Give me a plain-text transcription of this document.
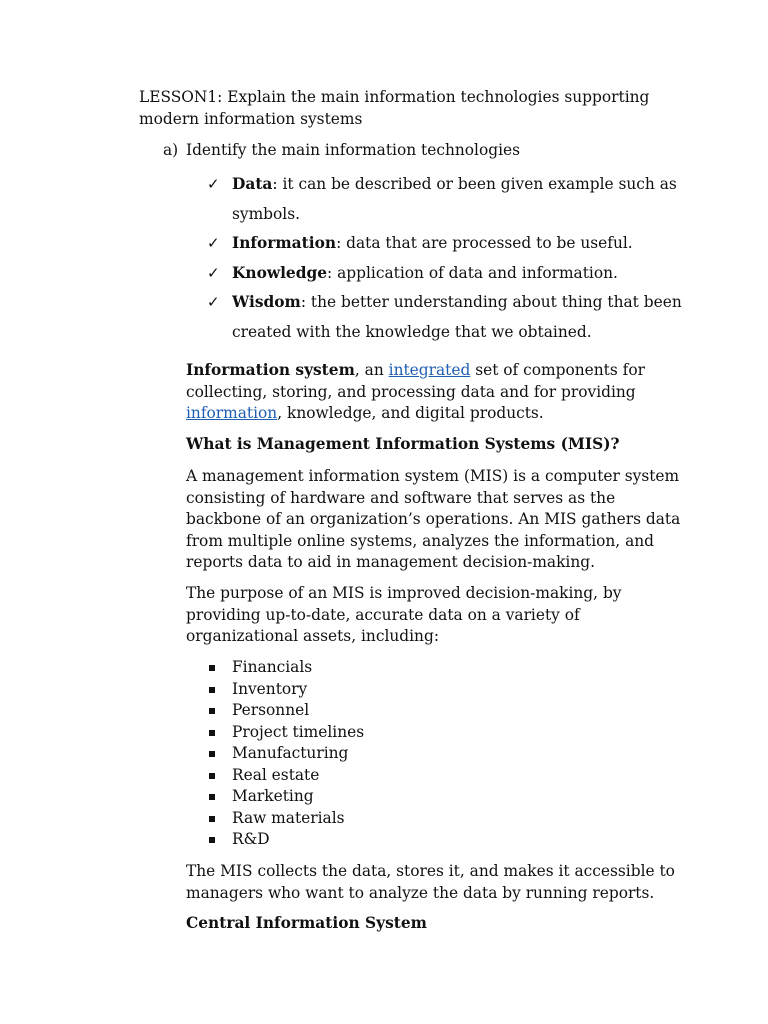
LESSON1: Explain the main information technologies supporting
modern information systems
a) Identify the main information technologies
✓ Data: it can be described or been given example such as symbols.
✓ Information: data that are processed to be useful.
✓ Knowledge: application of data and information.
✓ Wisdom: the better understanding about thing that been created with the knowledge that we obtained.

Information system, an integrated set of components for collecting, storing, and processing data and for providing information, knowledge, and digital products.

What is Management Information Systems (MIS)?

A management information system (MIS) is a computer system consisting of hardware and software that serves as the backbone of an organization’s operations. An MIS gathers data from multiple online systems, analyzes the information, and reports data to aid in management decision-making.

The purpose of an MIS is improved decision-making, by providing up-to-date, accurate data on a variety of organizational assets, including:

Financials
Inventory
Personnel
Project timelines
Manufacturing
Real estate
Marketing
Raw materials
R&D

The MIS collects the data, stores it, and makes it accessible to managers who want to analyze the data by running reports.

Central Information System
